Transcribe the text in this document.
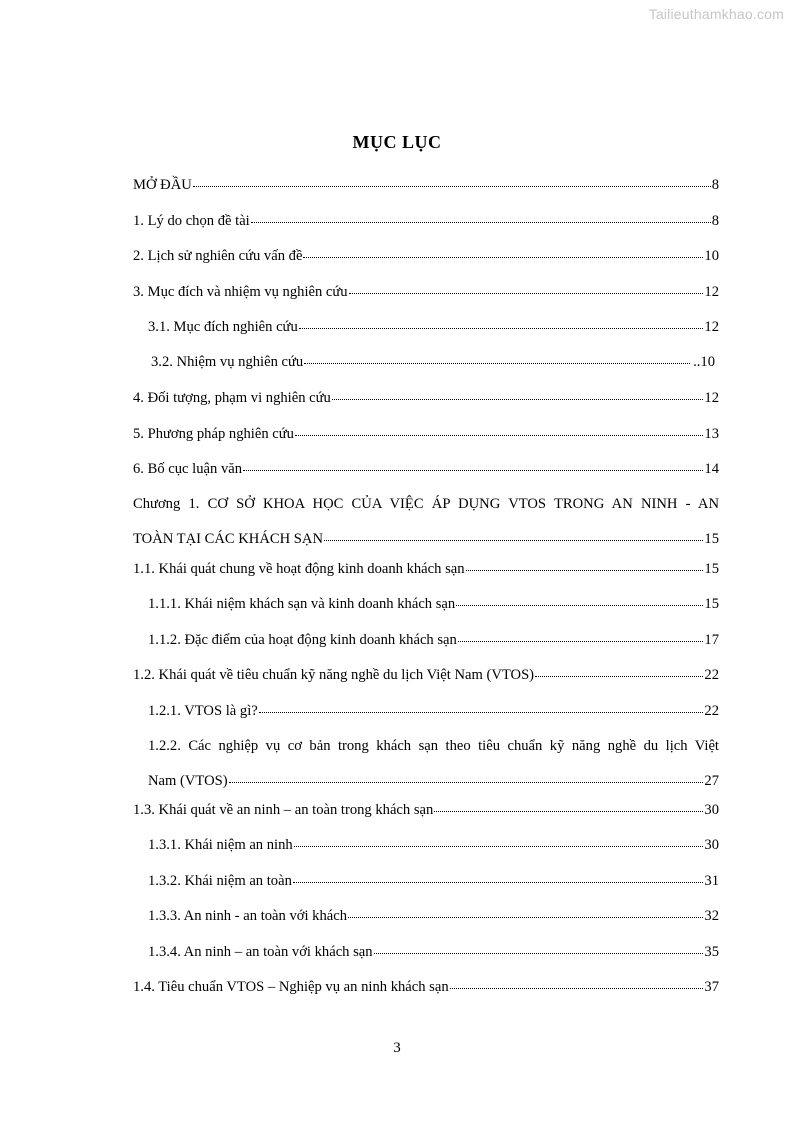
Tailieuthamkhao.com
MỤC LỤC
MỞ ĐẦU	8
1. Lý do chọn đề tài	8
2. Lịch sử nghiên cứu vấn đề	10
3. Mục đích và nhiệm vụ nghiên cứu	12
3.1. Mục đích nghiên cứu	12
3.2. Nhiệm vụ nghiên cứu	..10
4. Đối tượng, phạm vi nghiên cứu	12
5. Phương pháp nghiên cứu	13
6. Bố cục luận văn	14
Chương 1. CƠ SỞ KHOA HỌC CỦA VIỆC ÁP DỤNG VTOS TRONG AN NINH - AN
TOÀN TẠI CÁC KHÁCH SẠN	15
1.1. Khái quát chung về hoạt động kinh doanh khách sạn	15
1.1.1. Khái niệm khách sạn và kinh doanh khách sạn	15
1.1.2. Đặc điểm của hoạt động kinh doanh khách sạn	17
1.2. Khái quát về tiêu chuẩn kỹ năng nghề du lịch Việt Nam (VTOS)	22
1.2.1. VTOS là gì?	22
1.2.2. Các nghiệp vụ cơ bản trong khách sạn theo tiêu chuẩn kỹ năng nghề du lịch Việt
Nam (VTOS)	27
1.3. Khái quát về an ninh – an toàn trong khách sạn	30
1.3.1. Khái niệm an ninh	30
1.3.2. Khái niệm an toàn	31
1.3.3. An ninh - an toàn với khách	32
1.3.4. An ninh – an toàn với khách sạn	35
1.4. Tiêu chuẩn VTOS – Nghiệp vụ an ninh khách sạn	37
3
